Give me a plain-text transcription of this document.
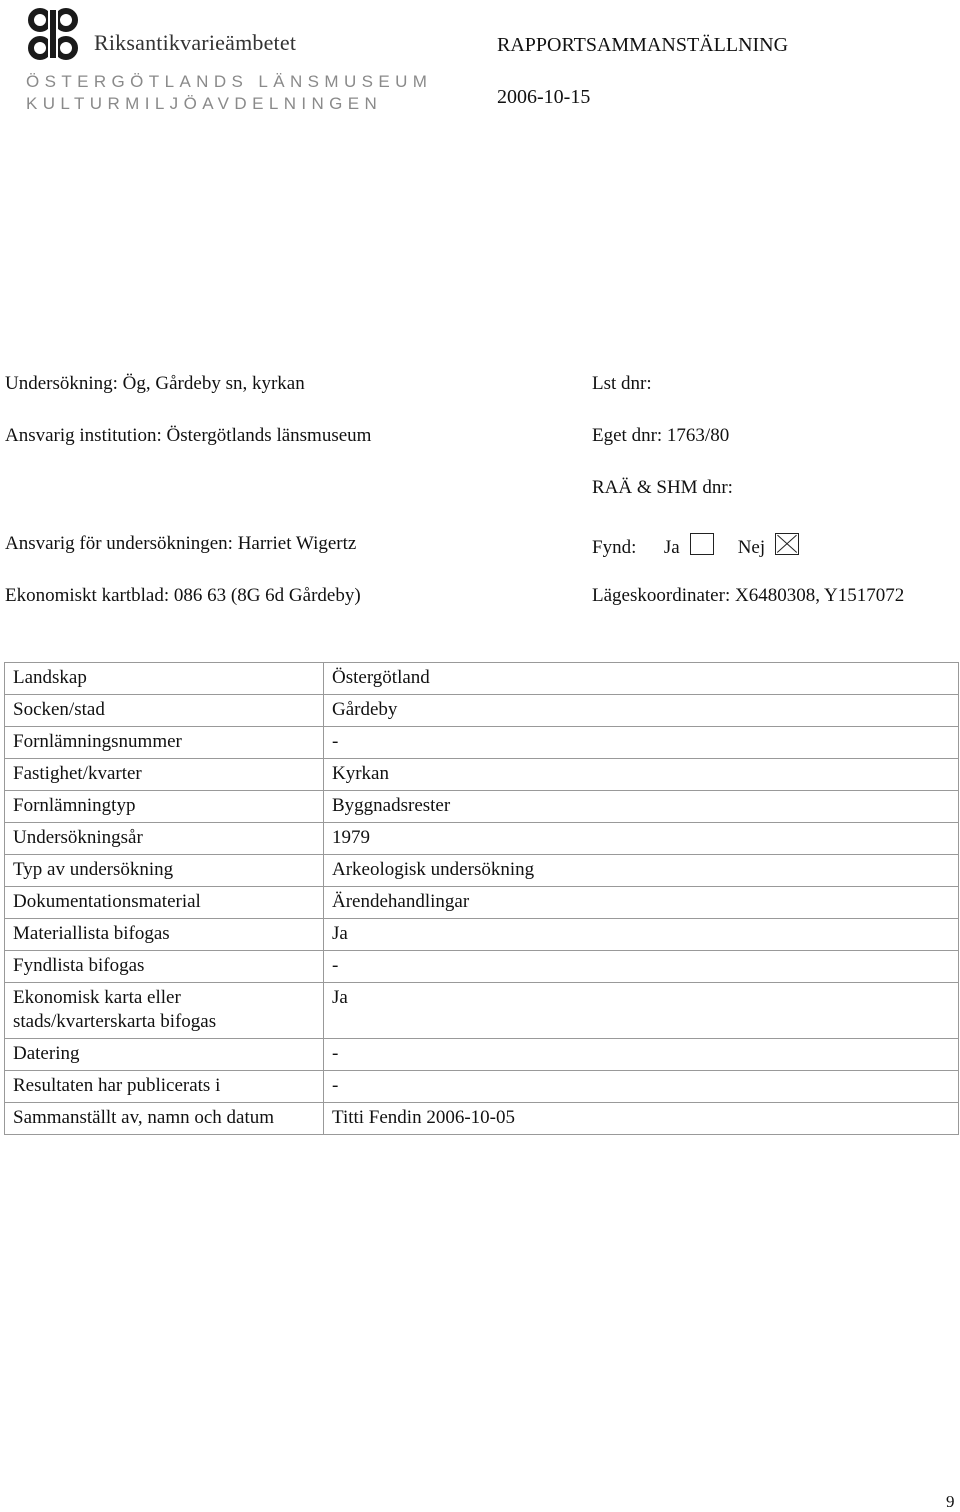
Riksantikvarieämbetet
ÖSTERGÖTLANDS LÄNSMUSEUM
KULTURMILJÖAVDELNINGEN
RAPPORTSAMMANSTÄLLNING
2006-10-15
Undersökning: Ög, Gårdeby sn, kyrkan
Ansvarig institution: Östergötlands länsmuseum
Ansvarig för undersökningen: Harriet Wigertz
Ekonomiskt kartblad: 086 63 (8G 6d Gårdeby)
Lst dnr:
Eget dnr: 1763/80
RAÄ & SHM dnr:
Fynd: Ja	Nej
Lägeskoordinater: X6480308, Y1517072
Landskap	Östergötland
Socken/stad	Gårdeby
Fornlämningsnummer	-
Fastighet/kvarter	Kyrkan
Fornlämningtyp	Byggnadsrester
Undersökningsår	1979
Typ av undersökning	Arkeologisk undersökning
Dokumentationsmaterial	Ärendehandlingar
Materiallista bifogas	Ja
Fyndlista bifogas	-
Ekonomisk karta eller
stads/kvarterskarta bifogas	Ja
Datering	-
Resultaten har publicerats i	-
Sammanställt av, namn och datum	Titti Fendin 2006-10-05
9
